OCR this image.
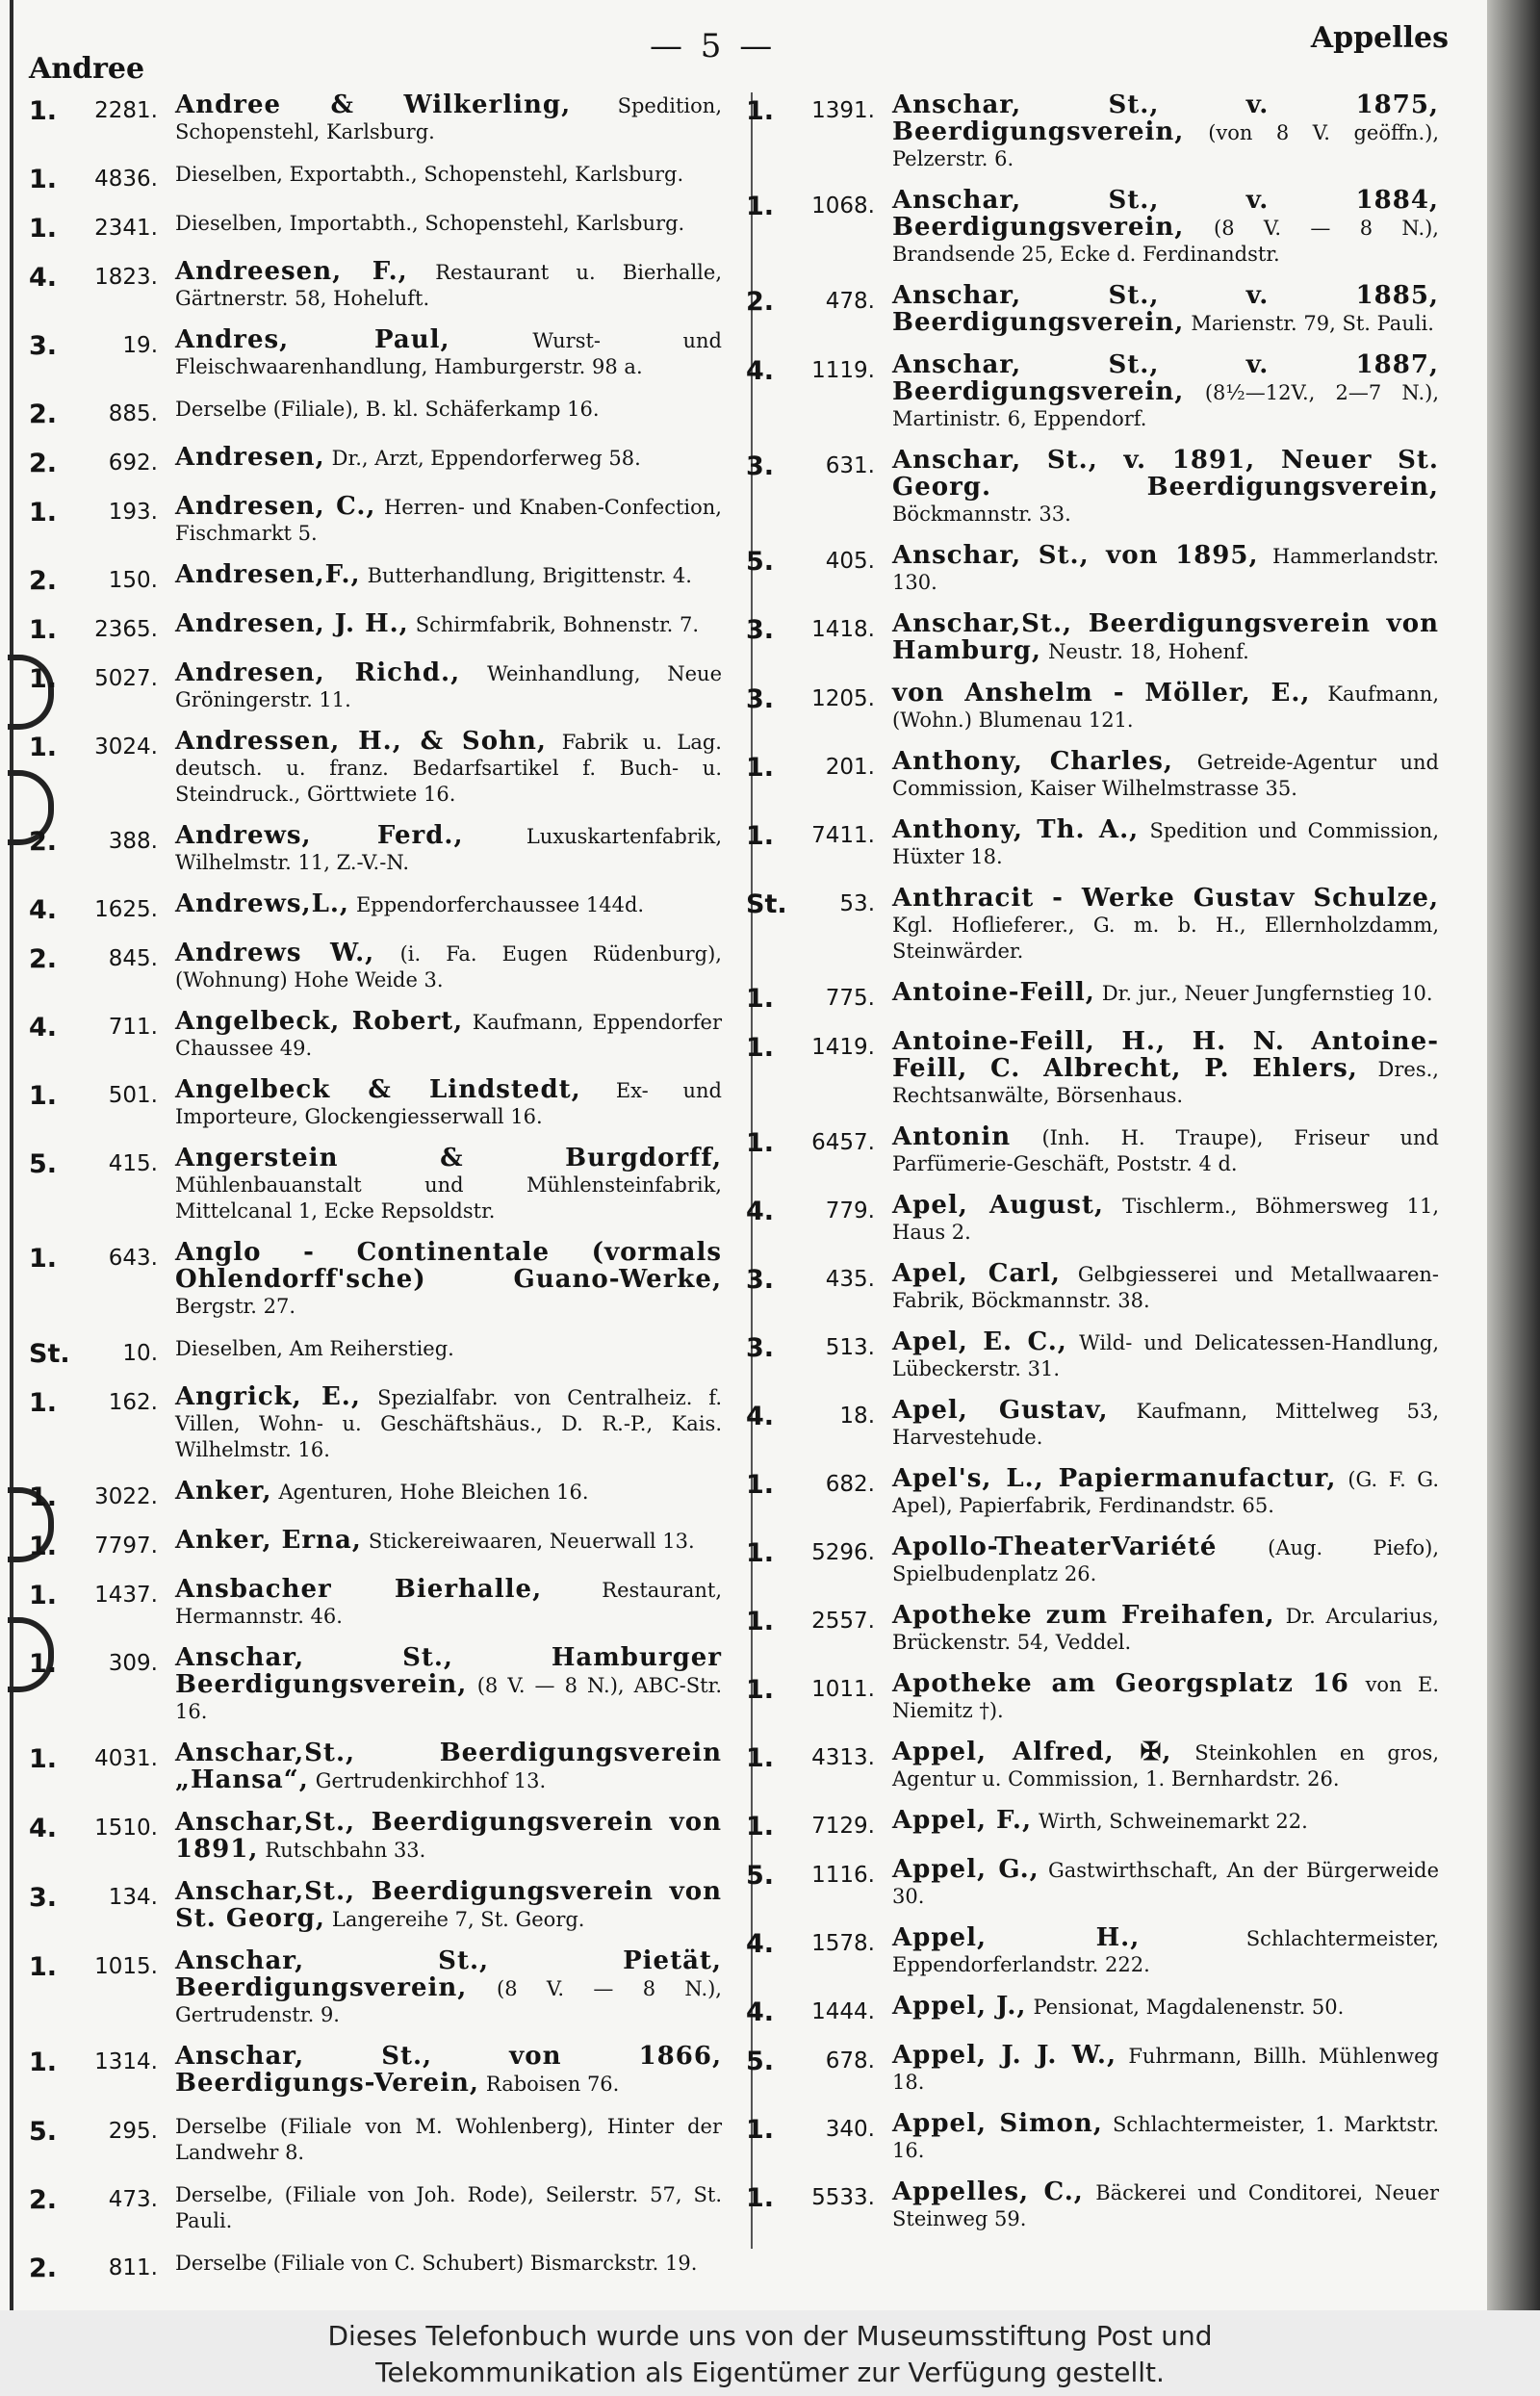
Andree
— 5 —	Appelles
1.	2281. Andree & Wilkerling, Spedition, Schopenstehl, Karlsburg.
1.	4836. Dieselben, Exportabth., Schopenstehl, Karlsburg.
1.	2341. Dieselben, Importabth., Schopenstehl, Karlsburg.
4.	1823. Andreesen, F., Restaurant u. Bierhalle, Gärtnerstr. 58, Hoheluft.
3.	19. Andres, Paul,	Wurst- und Fleischwaarenhandlung, Hamburgerstr. 98 a.
2.	885. Derselbe (Filiale), B. kl. Schäferkamp 16.
2.	692. Andresen, Dr., Arzt, Eppendorferweg 58.
1.	193. Andresen, C., Herren- und Knaben-Confection, Fischmarkt 5.
2.	150. Andresen,F., Butterhandlung, Brigittenstr. 4.
1.	2365. Andresen, J. H., Schirmfabrik, Bohnenstr. 7.
1.	5027. Andresen, Richd., Weinhandlung, Neue Gröningerstr. 11.
1.	3024. Andressen, H., & Sohn, Fabrik u. Lag. deutsch. u. franz. Bedarfsartikel f. Buch- u. Steindruck., Görttwiete 16.
2.	388. Andrews, Ferd.,	Luxuskartenfabrik, Wilhelmstr. 11, Z.-V.-N.
4.	1625. Andrews,L., Eppendorferchaussee 144d.
2.	845. Andrews W., (i. Fa. Eugen Rüdenburg), (Wohnung) Hohe Weide 3.
4.	711. Angelbeck, Robert, Kaufmann, Eppendorfer Chaussee 49.
1.	501. Angelbeck & Lindstedt, Ex- und Importeure, Glockengiesserwall 16.
5.	415. Angerstein & Burgdorff, Mühlenbauanstalt und Mühlensteinfabrik, Mittelcanal 1, Ecke Repsoldstr.
1.	643. Anglo - Continentale (vormals Ohlendorff'sche) Guano-Werke, Bergstr. 27.
St.	10. Dieselben, Am Reiherstieg.
1.	162. Angrick, E., Spezialfabr. von Centralheiz. f. Villen, Wohn- u. Geschäftshäus., D. R.-P., Kais. Wilhelmstr. 16.
1.	3022. Anker, Agenturen, Hohe Bleichen 16.
1.	7797. Anker, Erna, Stickereiwaaren, Neuerwall 13.
1.	1437. Ansbacher Bierhalle,	Restaurant, Hermannstr. 46.
1.	309. Anschar, St., Hamburger Beerdigungsverein, (8 V. — 8 N.), ABC-Str. 16.
1.	4031. Anschar,St., Beerdigungsverein „Hansa“, Gertrudenkirchhof 13.
4.	1510. Anschar,St., Beerdigungsverein von 1891, Rutschbahn 33.
3.	134. Anschar,St., Beerdigungsverein von St. Georg, Langereihe 7, St. Georg.
1.	1015. Anschar, St., Pietät, Beerdigungsverein, (8 V. — 8 N.), Gertrudenstr. 9.
1.	1314. Anschar, St., von 1866, Beerdigungs-Verein, Raboisen 76.
5.	295. Derselbe (Filiale von M. Wohlenberg), Hinter der Landwehr 8.
2.	473. Derselbe, (Filiale von Joh. Rode), Seilerstr. 57, St. Pauli.
2.	811. Derselbe (Filiale von C. Schubert) Bismarckstr. 19.
1.	1391. Anschar, St., v. 1875, Beerdigungsverein, (von 8 V. geöffn.), Pelzerstr. 6.
1.	1068. Anschar, St., v. 1884, Beerdigungsverein, (8 V. — 8 N.), Brandsende 25, Ecke d. Ferdinandstr.
2.	478. Anschar, St., v. 1885, Beerdigungsverein, Marienstr. 79, St. Pauli.
4.	1119. Anschar, St., v. 1887, Beerdigungsverein, (8½—12V., 2—7 N.), Martinistr. 6, Eppendorf.
3.	631. Anschar, St., v. 1891, Neuer St. Georg. Beerdigungsverein, Böckmannstr. 33.
5.	405. Anschar, St., von 1895, Hammerlandstr. 130.
3.	1418. Anschar,St., Beerdigungsverein von Hamburg, Neustr. 18, Hohenf.
3.	1205. von Anshelm - Möller, E., Kaufmann, (Wohn.) Blumenau 121.
1.	201. Anthony, Charles, Getreide-Agentur und Commission, Kaiser Wilhelmstrasse 35.
1.	7411. Anthony, Th. A., Spedition und Commission, Hüxter 18.
St.	53. Anthracit - Werke Gustav Schulze, Kgl. Hoflieferer., G. m. b. H., Ellernholzdamm, Steinwärder.
1.	775. Antoine-Feill, Dr. jur., Neuer Jungfernstieg 10.
1.	1419. Antoine-Feill, H., H. N. Antoine-Feill, C. Albrecht, P. Ehlers, Dres., Rechtsanwälte, Börsenhaus.
1.	6457. Antonin (Inh. H. Traupe), Friseur und Parfümerie-Geschäft, Poststr. 4 d.
4.	779. Apel, August, Tischlerm., Böhmersweg 11, Haus 2.
3.	435. Apel, Carl, Gelbgiesserei und Metallwaaren-Fabrik, Böckmannstr. 38.
3.	513. Apel, E. C., Wild- und Delicatessen-Handlung, Lübeckerstr. 31.
4.	18. Apel, Gustav, Kaufmann, Mittelweg 53, Harvestehude.
1.	682. Apel's, L., Papiermanufactur, (G. F. G. Apel), Papierfabrik, Ferdinandstr. 65.
1.	5296. Apollo-TheaterVariété	(Aug. Piefo), Spielbudenplatz 26.
1.	2557. Apotheke zum Freihafen, Dr. Arcularius, Brückenstr. 54, Veddel.
1.	1011. Apotheke am Georgsplatz 16 von E. Niemitz †).
1.	4313. Appel, Alfred, ✠, Steinkohlen en gros, Agentur u. Commission, 1. Bernhardstr. 26.
1.	7129. Appel, F., Wirth, Schweinemarkt 22.
5.	1116. Appel, G., Gastwirthschaft, An der Bürgerweide 30.
4.	1578. Appel, H.,	Schlachtermeister, Eppendorferlandstr. 222.
4.	1444. Appel, J., Pensionat, Magdalenenstr. 50.
5.	678. Appel, J. J. W., Fuhrmann, Billh. Mühlenweg 18.
1.	340. Appel, Simon, Schlachtermeister, 1. Marktstr. 16.
1.	5533. Appelles, C., Bäckerei und Conditorei, Neuer Steinweg 59.
Dieses Telefonbuch wurde uns von der Museumsstiftung Post und
Telekommunikation als Eigentümer zur Verfügung gestellt.
